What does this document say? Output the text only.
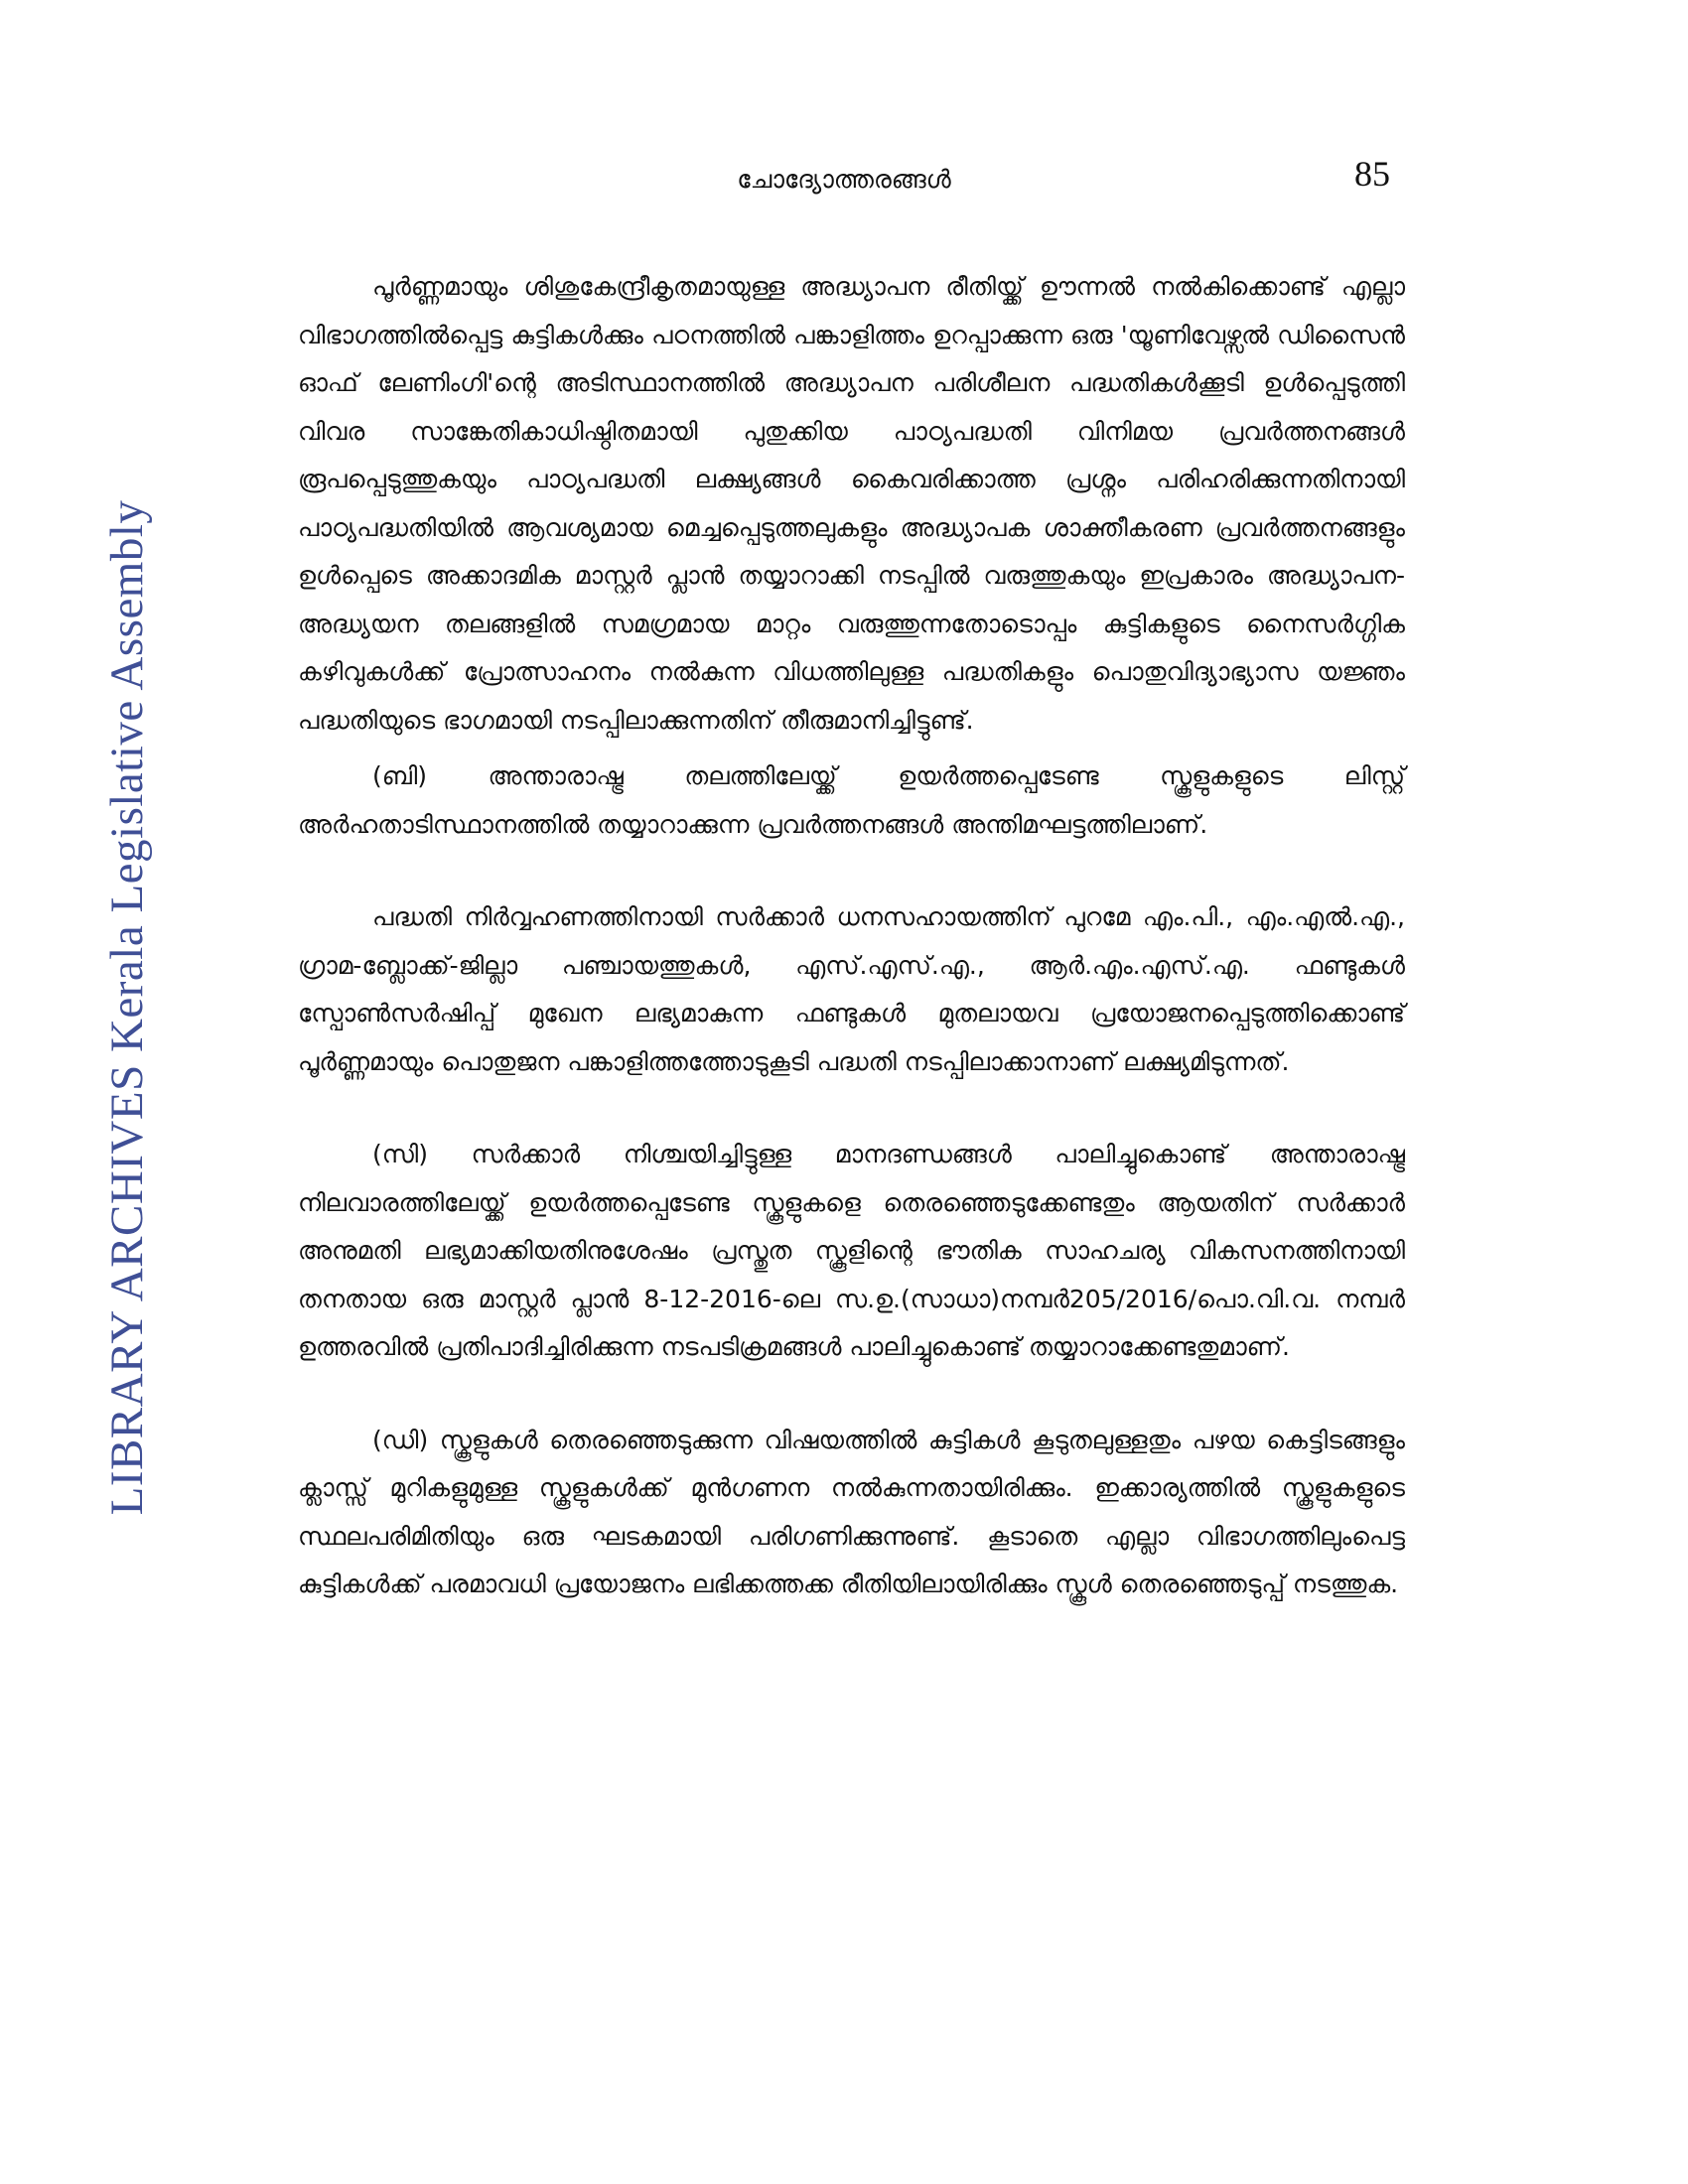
ചോദ്യോത്തരങ്ങൾ	85
LIBRARY ARCHIVES Kerala Legislative Assembly

പൂർണ്ണമായും ശിശുകേന്ദ്രീകൃതമായുള്ള അദ്ധ്യാപന രീതിയ്ക്ക് ഊന്നൽ നൽകിക്കൊണ്ട് എല്ലാ വിഭാഗത്തിൽപ്പെട്ട കുട്ടികൾക്കും പഠനത്തിൽ പങ്കാളിത്തം ഉറപ്പാക്കുന്ന ഒരു 'യൂണിവേഴ്സൽ ഡിസൈൻ ഓഫ് ലേണിംഗി'ന്റെ അടിസ്ഥാനത്തിൽ അദ്ധ്യാപന പരിശീലന പദ്ധതികൾക്കൂടി ഉൾപ്പെടുത്തി വിവര സാങ്കേതികാധിഷ്ഠിതമായി പുതുക്കിയ പാഠ്യപദ്ധതി വിനിമയ പ്രവർത്തനങ്ങൾ രൂപപ്പെടുത്തുകയും പാഠ്യപദ്ധതി ലക്ഷ്യങ്ങൾ കൈവരിക്കാത്ത പ്രശ്നം പരിഹരിക്കുന്നതിനായി പാഠ്യപദ്ധതിയിൽ ആവശ്യമായ മെച്ചപ്പെടുത്തലുകളും അദ്ധ്യാപക ശാക്തീകരണ പ്രവർത്തനങ്ങളും ഉൾപ്പെടെ അക്കാദമിക മാസ്റ്റർ പ്ലാൻ തയ്യാറാക്കി നടപ്പിൽ വരുത്തുകയും ഇപ്രകാരം അദ്ധ്യാപന-അദ്ധ്യയന തലങ്ങളിൽ സമഗ്രമായ മാറ്റം വരുത്തുന്നതോടൊപ്പം കുട്ടികളുടെ നൈസർഗ്ഗിക കഴിവുകൾക്ക് പ്രോത്സാഹനം നൽകുന്ന വിധത്തിലുള്ള പദ്ധതികളും പൊതുവിദ്യാഭ്യാസ യജ്ഞം പദ്ധതിയുടെ ഭാഗമായി നടപ്പിലാക്കുന്നതിന് തീരുമാനിച്ചിട്ടുണ്ട്.

(ബി) അന്താരാഷ്ട്ര തലത്തിലേയ്ക്ക് ഉയർത്തപ്പെടേണ്ട സ്കൂളുകളുടെ ലിസ്റ്റ് അർഹതാടിസ്ഥാനത്തിൽ തയ്യാറാക്കുന്ന പ്രവർത്തനങ്ങൾ അന്തിമഘട്ടത്തിലാണ്.

പദ്ധതി നിർവ്വഹണത്തിനായി സർക്കാർ ധനസഹായത്തിന് പുറമേ എം.പി., എം.എൽ.എ., ഗ്രാമ-ബ്ലോക്ക്-ജില്ലാ പഞ്ചായത്തുകൾ, എസ്.എസ്.എ., ആർ.എം.എസ്.എ. ഫണ്ടുകൾ സ്പോൺസർഷിപ്പ് മുഖേന ലഭ്യമാകുന്ന ഫണ്ടുകൾ മുതലായവ പ്രയോജനപ്പെടുത്തിക്കൊണ്ട് പൂർണ്ണമായും പൊതുജന പങ്കാളിത്തത്തോടുകൂടി പദ്ധതി നടപ്പിലാക്കാനാണ് ലക്ഷ്യമിടുന്നത്.

(സി) സർക്കാർ നിശ്ചയിച്ചിട്ടുള്ള മാനദണ്ഡങ്ങൾ പാലിച്ചുകൊണ്ട് അന്താരാഷ്ട്ര നിലവാരത്തിലേയ്ക്ക് ഉയർത്തപ്പെടേണ്ട സ്കൂളുകളെ തെരഞ്ഞെടുക്കേണ്ടതും ആയതിന് സർക്കാർ അനുമതി ലഭ്യമാക്കിയതിനുശേഷം പ്രസ്തുത സ്കൂളിന്റെ ഭൗതിക സാഹചര്യ വികസനത്തിനായി തനതായ ഒരു മാസ്റ്റർ പ്ലാൻ 8-12-2016-ലെ സ.ഉ.(സാധാ)നമ്പർ205/2016/പൊ.വി.വ. നമ്പർ ഉത്തരവിൽ പ്രതിപാദിച്ചിരിക്കുന്ന നടപടിക്രമങ്ങൾ പാലിച്ചുകൊണ്ട് തയ്യാറാക്കേണ്ടതുമാണ്.

(ഡി) സ്കൂളുകൾ തെരഞ്ഞെടുക്കുന്ന വിഷയത്തിൽ കുട്ടികൾ കൂടുതലുള്ളതും പഴയ കെട്ടിടങ്ങളും ക്ലാസ്സ് മുറികളുമുള്ള സ്കൂളുകൾക്ക് മുൻഗണന നൽകുന്നതായിരിക്കും. ഇക്കാര്യത്തിൽ സ്കൂളുകളുടെ സ്ഥലപരിമിതിയും ഒരു ഘടകമായി പരിഗണിക്കുന്നുണ്ട്. കൂടാതെ എല്ലാ വിഭാഗത്തിലുംപെട്ട കുട്ടികൾക്ക് പരമാവധി പ്രയോജനം ലഭിക്കത്തക്ക രീതിയിലായിരിക്കും സ്കൂൾ തെരഞ്ഞെടുപ്പ് നടത്തുക.
